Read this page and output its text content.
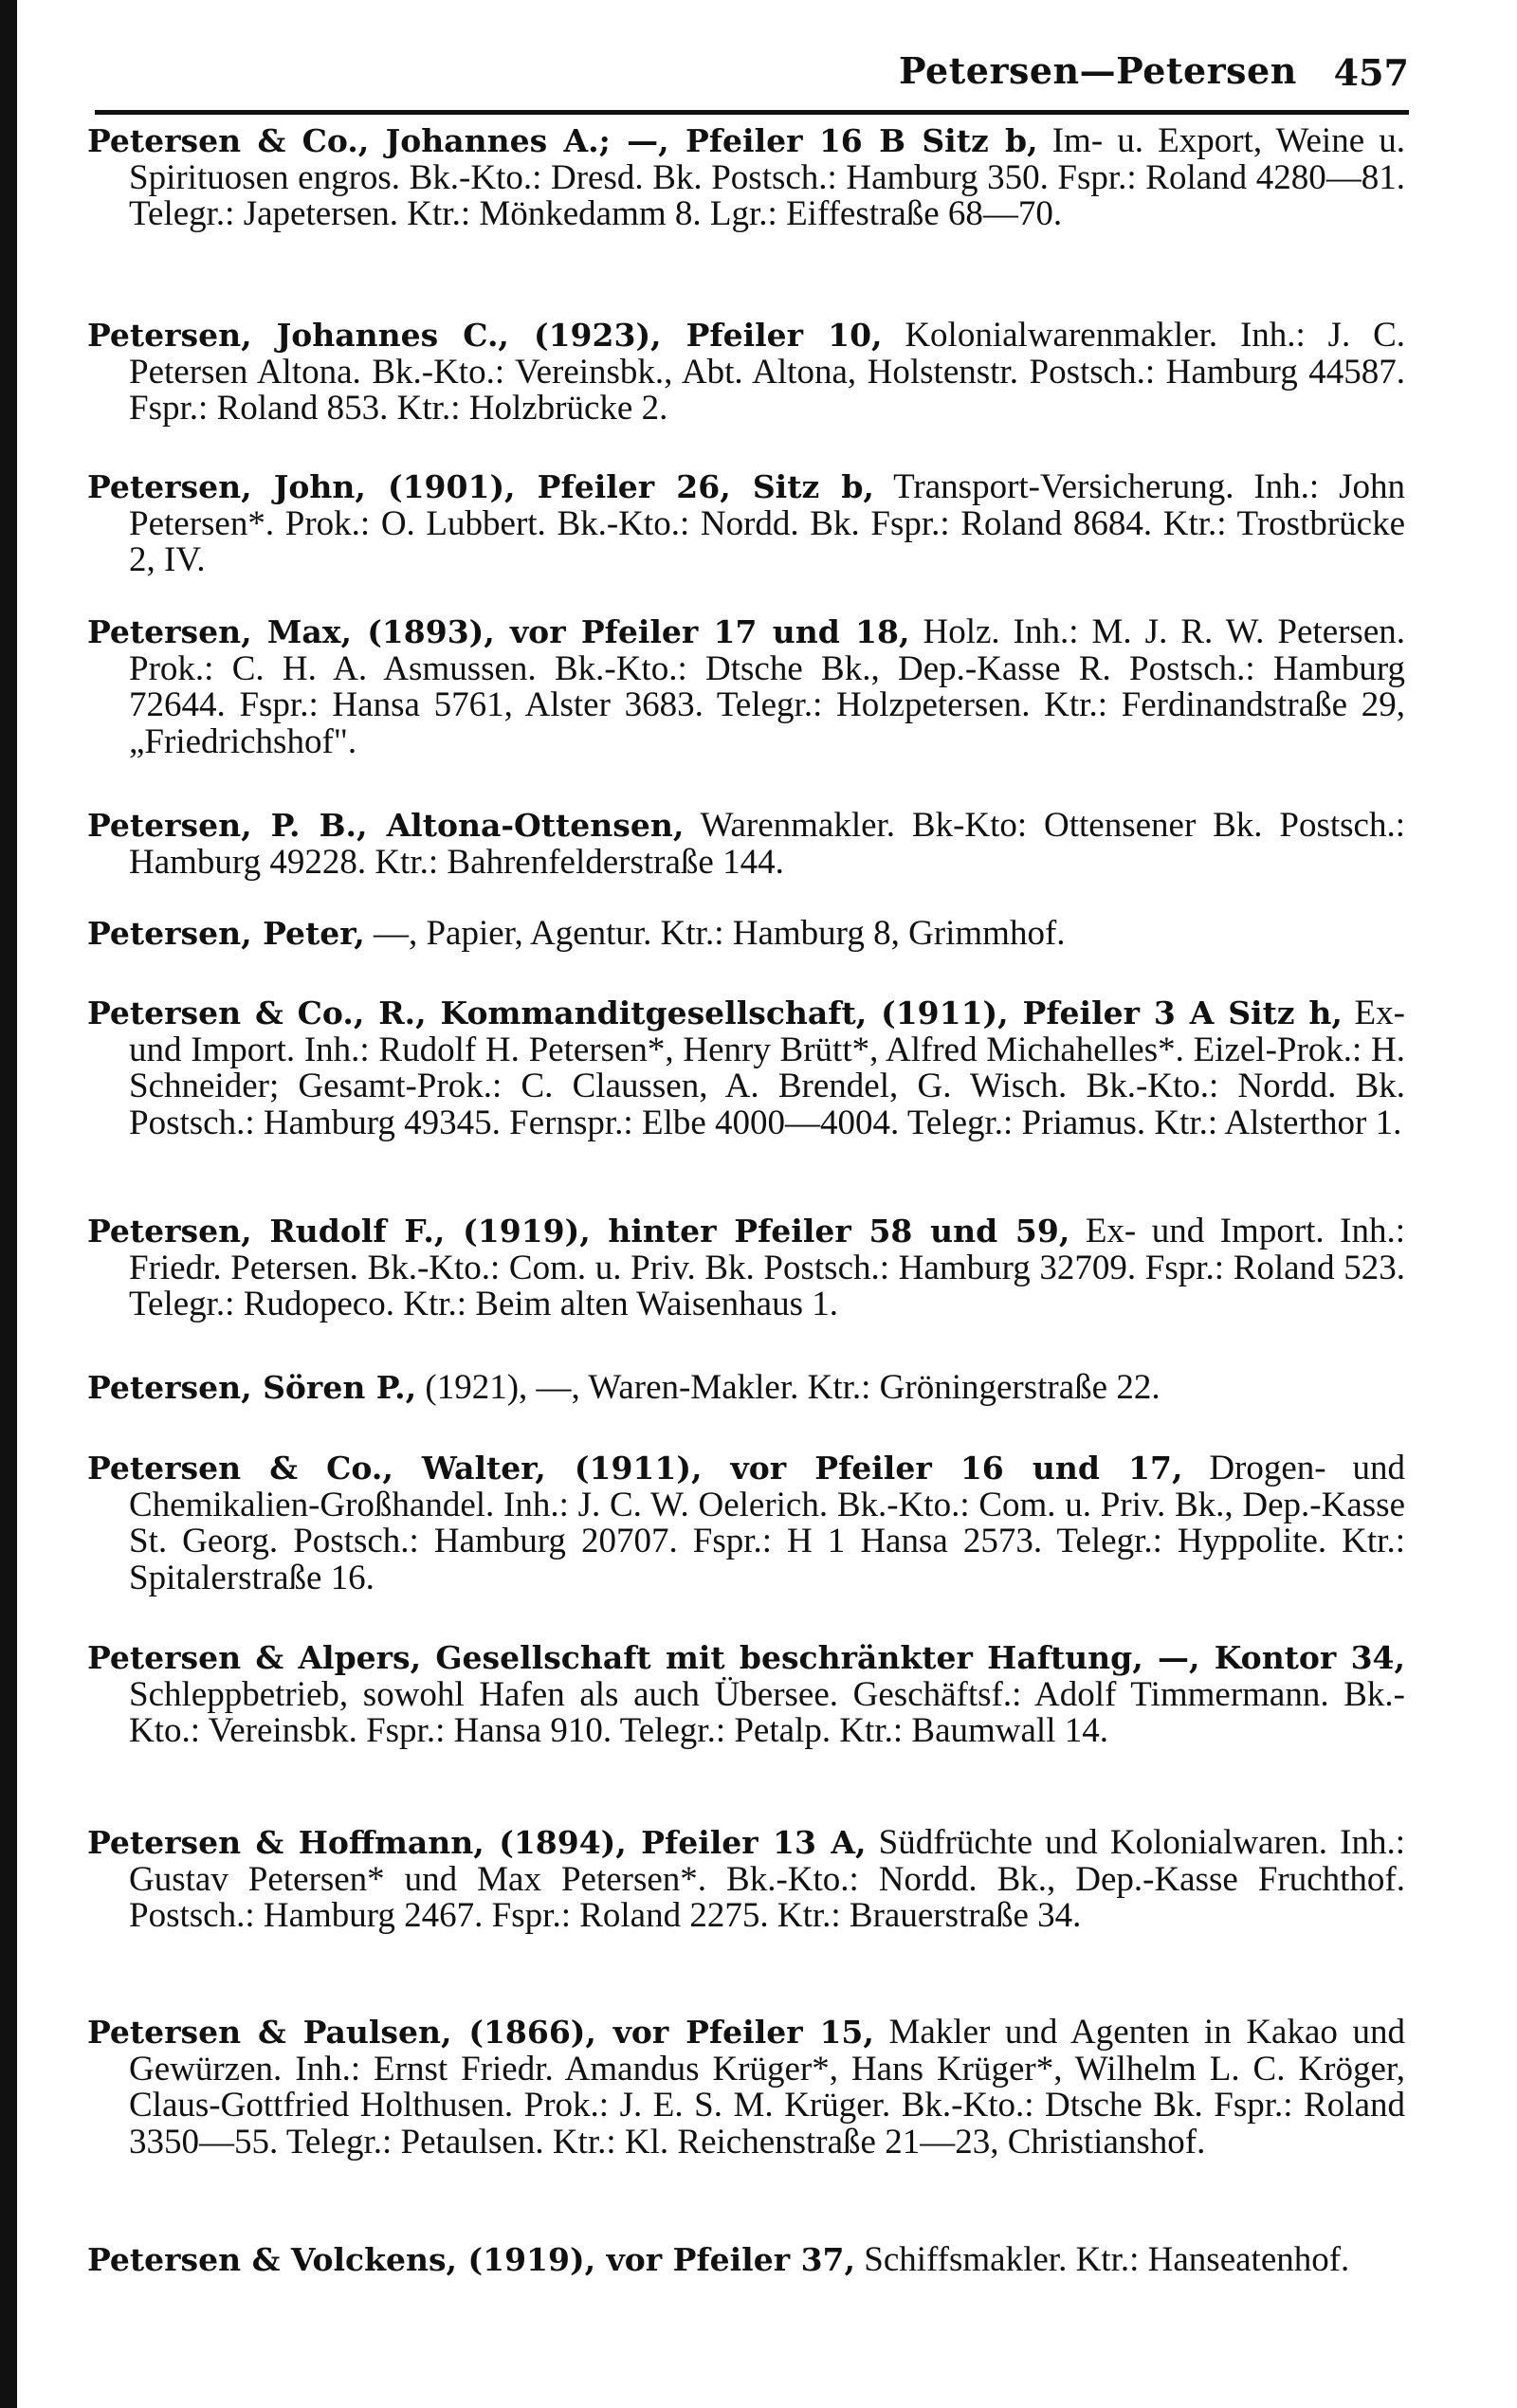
Petersen—Petersen 457
Petersen & Co., Johannes A.; —, Pfeiler 16 B Sitz b, Im- u. Export, Weine u. Spirituosen engros. Bk.-Kto.: Dresd. Bk. Postsch.: Hamburg 350. Fspr.: Roland 4280—81. Telegr.: Japetersen. Ktr.: Mönkedamm 8. Lgr.: Eiffestraße 68—70.
Petersen, Johannes C., (1923), Pfeiler 10, Kolonialwarenmakler. Inh.: J. C. Petersen Altona. Bk.-Kto.: Vereinsbk., Abt. Altona, Holstenstr. Postsch.: Hamburg 44587. Fspr.: Roland 853. Ktr.: Holzbrücke 2.
Petersen, John, (1901), Pfeiler 26, Sitz b, Transport-Versicherung. Inh.: John Petersen*. Prok.: O. Lubbert. Bk.-Kto.: Nordd. Bk. Fspr.: Roland 8684. Ktr.: Trostbrücke 2, IV.
Petersen, Max, (1893), vor Pfeiler 17 und 18, Holz. Inh.: M. J. R. W. Petersen. Prok.: C. H. A. Asmussen. Bk.-Kto.: Dtsche Bk., Dep.-Kasse R. Postsch.: Hamburg 72644. Fspr.: Hansa 5761, Alster 3683. Telegr.: Holzpetersen. Ktr.: Ferdinandstraße 29, „Friedrichshof".
Petersen, P. B., Altona-Ottensen, Warenmakler. Bk-Kto: Ottensener Bk. Postsch.: Hamburg 49228. Ktr.: Bahrenfelderstraße 144.
Petersen, Peter, —, Papier, Agentur. Ktr.: Hamburg 8, Grimmhof.
Petersen & Co., R., Kommanditgesellschaft, (1911), Pfeiler 3 A Sitz h, Ex- und Import. Inh.: Rudolf H. Petersen*, Henry Brütt*, Alfred Michahelles*. Eizel-Prok.: H. Schneider; Gesamt-Prok.: C. Claussen, A. Brendel, G. Wisch. Bk.-Kto.: Nordd. Bk. Postsch.: Hamburg 49345. Fernspr.: Elbe 4000—4004. Telegr.: Priamus. Ktr.: Alsterthor 1.
Petersen, Rudolf F., (1919), hinter Pfeiler 58 und 59, Ex- und Import. Inh.: Friedr. Petersen. Bk.-Kto.: Com. u. Priv. Bk. Postsch.: Hamburg 32709. Fspr.: Roland 523. Telegr.: Rudopeco. Ktr.: Beim alten Waisenhaus 1.
Petersen, Sören P., (1921), —, Waren-Makler. Ktr.: Gröningerstraße 22.
Petersen & Co., Walter, (1911), vor Pfeiler 16 und 17, Drogen- und Chemikalien-Großhandel. Inh.: J. C. W. Oelerich. Bk.-Kto.: Com. u. Priv. Bk., Dep.-Kasse St. Georg. Postsch.: Hamburg 20707. Fspr.: H 1 Hansa 2573. Telegr.: Hyppolite. Ktr.: Spitalerstraße 16.
Petersen & Alpers, Gesellschaft mit beschränkter Haftung, —, Kontor 34, Schleppbetrieb, sowohl Hafen als auch Übersee. Geschäftsf.: Adolf Timmermann. Bk.-Kto.: Vereinsbk. Fspr.: Hansa 910. Telegr.: Petalp. Ktr.: Baumwall 14.
Petersen & Hoffmann, (1894), Pfeiler 13 A, Südfrüchte und Kolonialwaren. Inh.: Gustav Petersen* und Max Petersen*. Bk.-Kto.: Nordd. Bk., Dep.-Kasse Fruchthof. Postsch.: Hamburg 2467. Fspr.: Roland 2275. Ktr.: Brauerstraße 34.
Petersen & Paulsen, (1866), vor Pfeiler 15, Makler und Agenten in Kakao und Gewürzen. Inh.: Ernst Friedr. Amandus Krüger*, Hans Krüger*, Wilhelm L. C. Kröger, Claus-Gottfried Holthusen. Prok.: J. E. S. M. Krüger. Bk.-Kto.: Dtsche Bk. Fspr.: Roland 3350—55. Telegr.: Petaulsen. Ktr.: Kl. Reichenstraße 21—23, Christianshof.
Petersen & Volckens, (1919), vor Pfeiler 37, Schiffsmakler. Ktr.: Hanseatenhof.
